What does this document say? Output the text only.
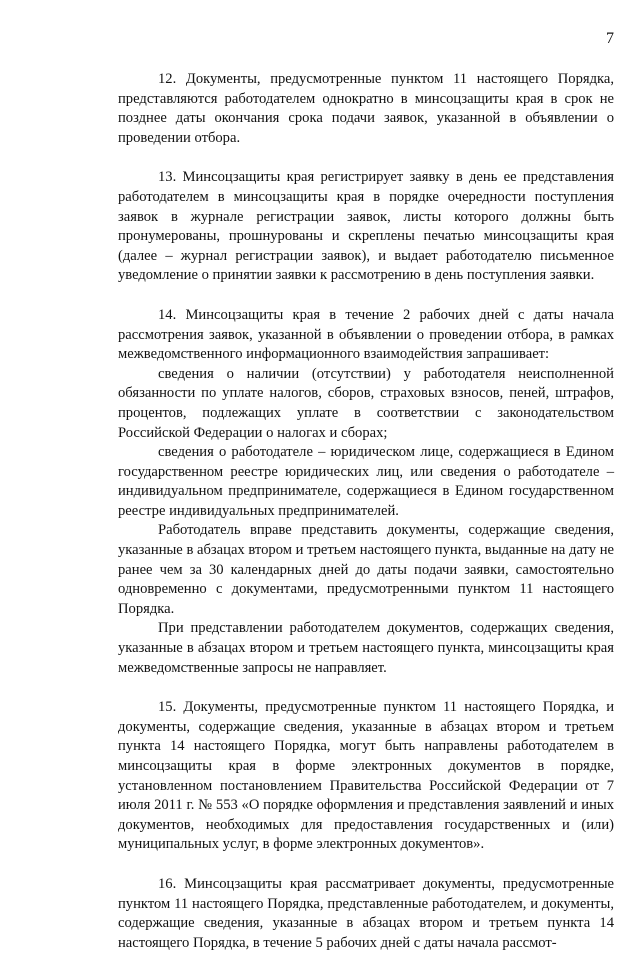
7

12. Документы, предусмотренные пунктом 11 настоящего Порядка, представляются работодателем однократно в минсоцзащиты края в срок не позднее даты окончания срока подачи заявок, указанной в объявлении о проведении отбора.

13. Минсоцзащиты края регистрирует заявку в день ее представления работодателем в минсоцзащиты края в порядке очередности поступления заявок в журнале регистрации заявок, листы которого должны быть пронумерованы, прошнурованы и скреплены печатью минсоцзащиты края (далее – журнал регистрации заявок), и выдает работодателю письменное уведомление о принятии заявки к рассмотрению в день поступления заявки.

14. Минсоцзащиты края в течение 2 рабочих дней с даты начала рассмотрения заявок, указанной в объявлении о проведении отбора, в рамках межведомственного информационного взаимодействия запрашивает:

сведения о наличии (отсутствии) у работодателя неисполненной обязанности по уплате налогов, сборов, страховых взносов, пеней, штрафов, процентов, подлежащих уплате в соответствии с законодательством Российской Федерации о налогах и сборах;

сведения о работодателе – юридическом лице, содержащиеся в Едином государственном реестре юридических лиц, или сведения о работодателе – индивидуальном предпринимателе, содержащиеся в Едином государственном реестре индивидуальных предпринимателей.

Работодатель вправе представить документы, содержащие сведения, указанные в абзацах втором и третьем настоящего пункта, выданные на дату не ранее чем за 30 календарных дней до даты подачи заявки, самостоятельно одновременно с документами, предусмотренными пунктом 11 настоящего Порядка.

При представлении работодателем документов, содержащих сведения, указанные в абзацах втором и третьем настоящего пункта, минсоцзащиты края межведомственные запросы не направляет.

15. Документы, предусмотренные пунктом 11 настоящего Порядка, и документы, содержащие сведения, указанные в абзацах втором и третьем пункта 14 настоящего Порядка, могут быть направлены работодателем в минсоцзащиты края в форме электронных документов в порядке, установленном постановлением Правительства Российской Федерации от 7 июля 2011 г. № 553 «О порядке оформления и представления заявлений и иных документов, необходимых для предоставления государственных и (или) муниципальных услуг, в форме электронных документов».

16. Минсоцзащиты края рассматривает документы, предусмотренные пунктом 11 настоящего Порядка, представленные работодателем, и документы, содержащие сведения, указанные в абзацах втором и третьем пункта 14 настоящего Порядка, в течение 5 рабочих дней с даты начала рассмот-
